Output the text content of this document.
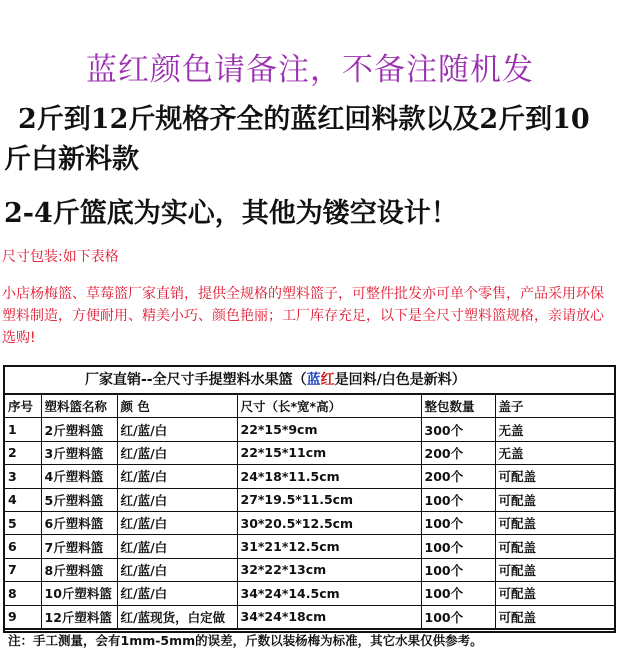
蓝红颜色请备注，不备注随机发
2斤到12斤规格齐全的蓝红回料款以及2斤到10
斤白新料款
2-4斤篮底为实心，其他为镂空设计！
尺寸包装:如下表格
小店杨梅篮、草莓篮厂家直销，提供全规格的塑料篮子，可整件批发亦可单个零售，产品采用环保塑料制造，方便耐用、精美小巧、颜色艳丽；工厂库存充足，以下是全尺寸塑料篮规格，亲请放心选购!
厂家直销--全尺寸手提塑料水果篮（蓝红是回料/白色是新料）
序号	塑料篮名称	颜 色	尺寸（长*宽*高）	整包数量	盖子
1	2斤塑料篮	红/蓝/白	22*15*9cm	300个	无盖
2	3斤塑料篮	红/蓝/白	22*15*11cm	200个	无盖
3	4斤塑料篮	红/蓝/白	24*18*11.5cm	200个	可配盖
4	5斤塑料篮	红/蓝/白	27*19.5*11.5cm	100个	可配盖
5	6斤塑料篮	红/蓝/白	30*20.5*12.5cm	100个	可配盖
6	7斤塑料篮	红/蓝/白	31*21*12.5cm	100个	可配盖
7	8斤塑料篮	红/蓝/白	32*22*13cm	100个	可配盖
8	10斤塑料篮	红/蓝/白	34*24*14.5cm	100个	可配盖
9	12斤塑料篮	红/蓝现货，白定做	34*24*18cm	100个	可配盖
注：手工测量，会有1mm-5mm的误差，斤数以装杨梅为标准，其它水果仅供参考。
